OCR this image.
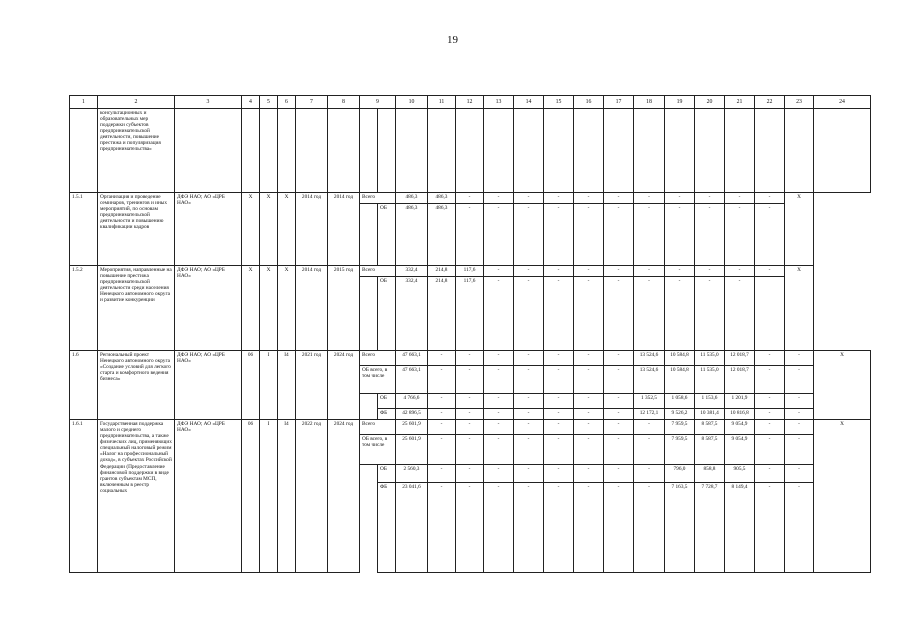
19
1	2	3	4	5	6	7	8	9		10	11	12	13	14	15	16	17	18	19	20	21	22	23	24
	консультационных и образовательных мер поддержки субъектов предпринимательской деятельности, повышение престижа и популяризация предпринимательства»																							
1.5.1	Организация и проведение семинаров, тренингов и иных мероприятий, по основам предпринимательской деятельности и повышению квалификации кадров	ДФЭ НАО; АО «ЦРБ НАО»	Х	Х	Х	2014 год	2014 год	Всего		486,3	486,3	-	-	-	-	-	-	-	-	-	-	-	Х	
									ОБ	486,3	486,3	-	-	-	-	-	-	-	-	-	-	-		
1.5.2	Мероприятия, направленные на повышение престижа предпринимательской деятельности среди населения Ненецкого автономного округа и развитие конкуренции	ДФЭ НАО; АО «ЦРБ НАО»	Х	Х	Х	2014 год	2015 год	Всего		332,4	214,8	117,6	-	-	-	-	-	-	-	-	-	-	Х	
									ОБ	332,4	214,8	117,6	-	-	-	-	-	-	-	-	-			
1.6	Региональный проект Ненецкого автономного округа «Создание условий для легкого старта и комфортного ведения бизнеса»	ДФЭ НАО; АО «ЦРБ НАО»	06	I	I4	2021 год	2024 год	Всего		47 663,1	-	-	-	-	-	-	-	13 524,6	10 584,8	11 535,0	12 018,7	-	-	Х
								ОБ всего, в том числе		47 663,1	-	-	-	-	-	-	-	13 524,6	10 584,8	11 535,0	12 018,7	-	-	
									ОБ	4 766,6	-	-	-	-	-	-	-	1 352,5	1 058,6	1 153,6	1 201,9	-	-	
									ФБ	42 896,5	-	-	-	-	-	-	-	12 172,1	9 526,2	10 381,4	10 816,8	-	-	
1.6.1	Государственная поддержка малого и среднего предпринимательства, а также физических лиц, применяющих специальный налоговый режим «Налог на профессиональный доход», в субъектах Российской Федерации (Предоставление финансовой поддержки в виде грантов субъектам МСП, включенным в реестр социальных	ДФЭ НАО; АО «ЦРБ НАО»	06	I	I4	2022 год	2024 год	Всего		25 601,9	-	-	-	-	-	-	-	-	7 959,5	8 587,5	9 054,9	-	-	Х
								ОБ всего, в том числе		25 601,9	-	-	-	-	-	-	-	-	7 959,5	8 587,5	9 054,9	-	-	
									ОБ	2 560,3	-	-	-	-	-	-	-	-	796,0	858,8	905,5	-	-	
									ФБ	23 041,6	-	-	-	-	-	-	-	-	7 163,5	7 728,7	8 149,4	-	-	
